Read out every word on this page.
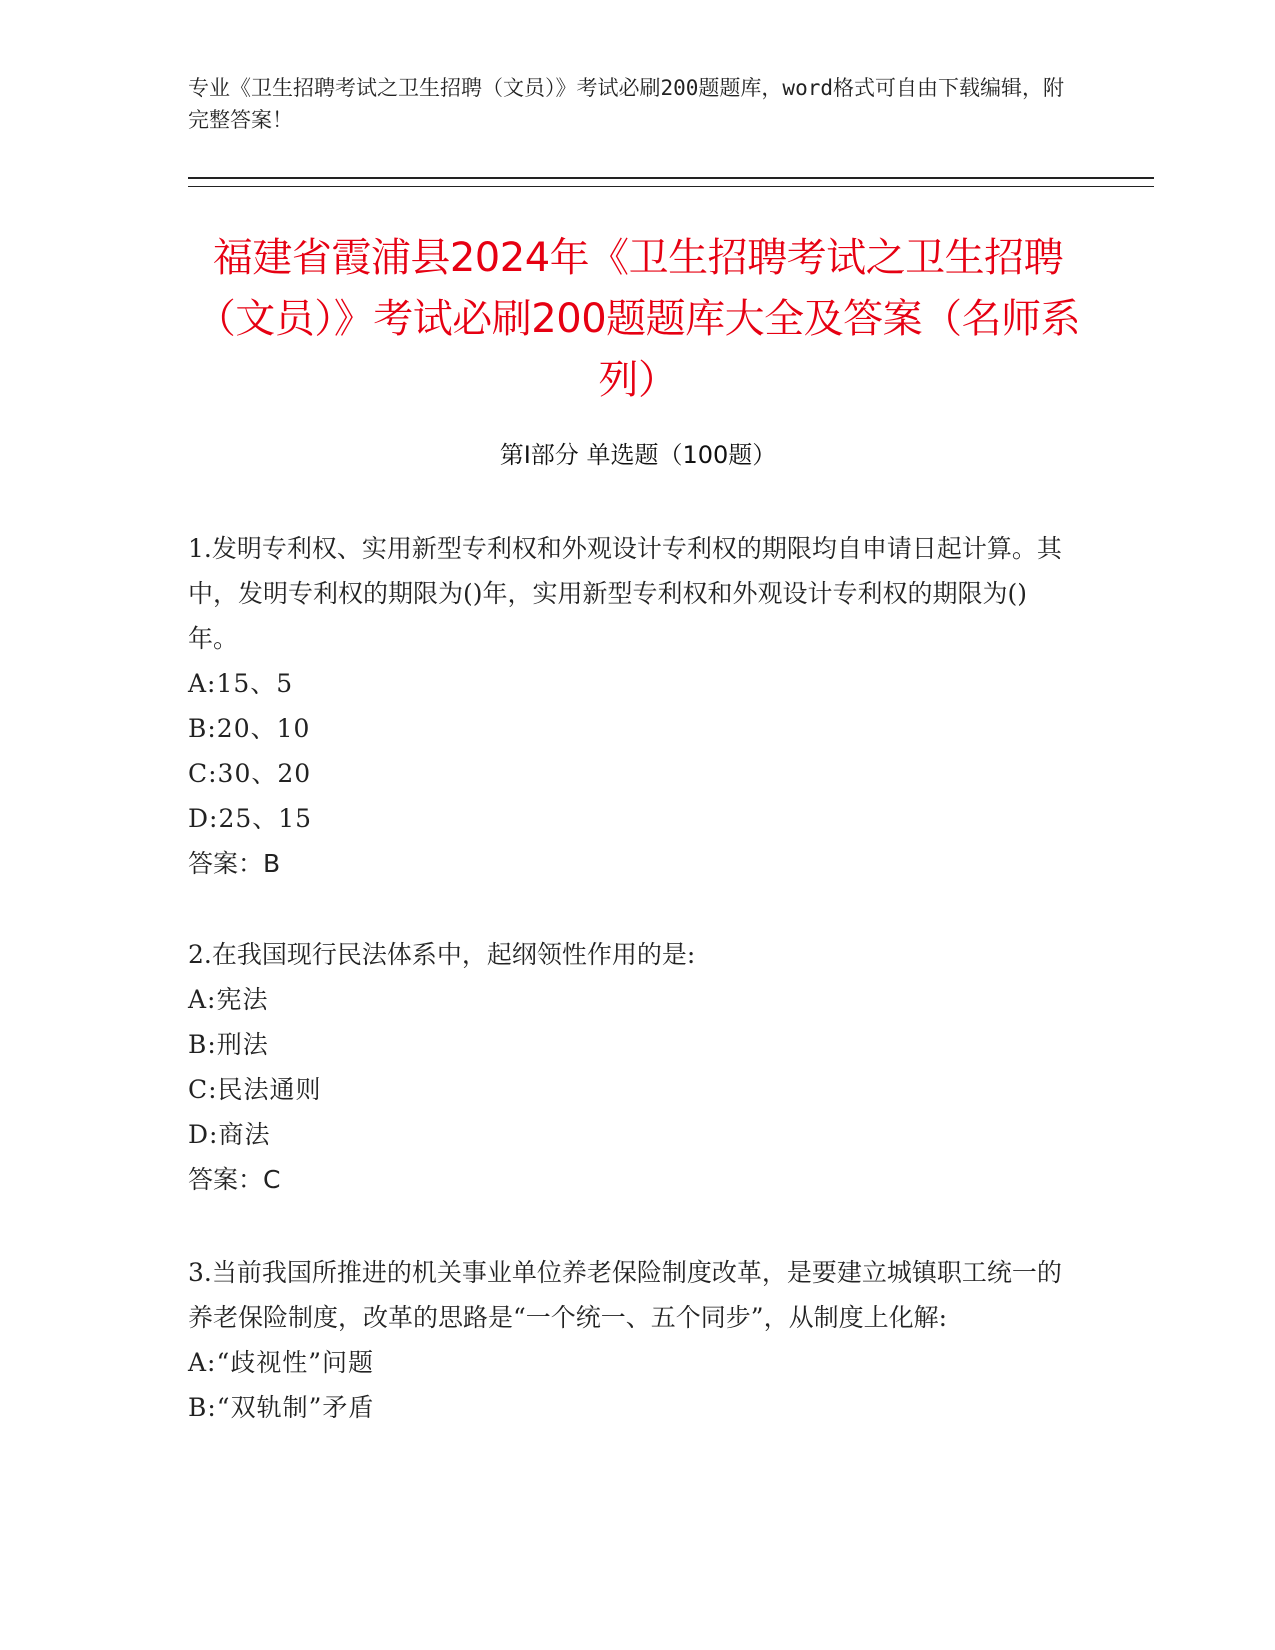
专业《卫生招聘考试之卫生招聘（文员）》考试必刷200题题库，word格式可自由下载编辑，附完整答案！
福建省霞浦县2024年《卫生招聘考试之卫生招聘（文员）》考试必刷200题题库大全及答案（名师系列）
第Ⅰ部分 单选题（100题）

1.发明专利权、实用新型专利权和外观设计专利权的期限均自申请日起计算。其中，发明专利权的期限为()年，实用新型专利权和外观设计专利权的期限为()年。

A:15、5

B:20、10

C:30、20

D:25、15

答案：B

2.在我国现行民法体系中，起纲领性作用的是:

A:宪法

B:刑法

C:民法通则

D:商法

答案：C

3.当前我国所推进的机关事业单位养老保险制度改革，是要建立城镇职工统一的养老保险制度，改革的思路是“一个统一、五个同步”，从制度上化解:

A:“歧视性”问题

B:“双轨制”矛盾
